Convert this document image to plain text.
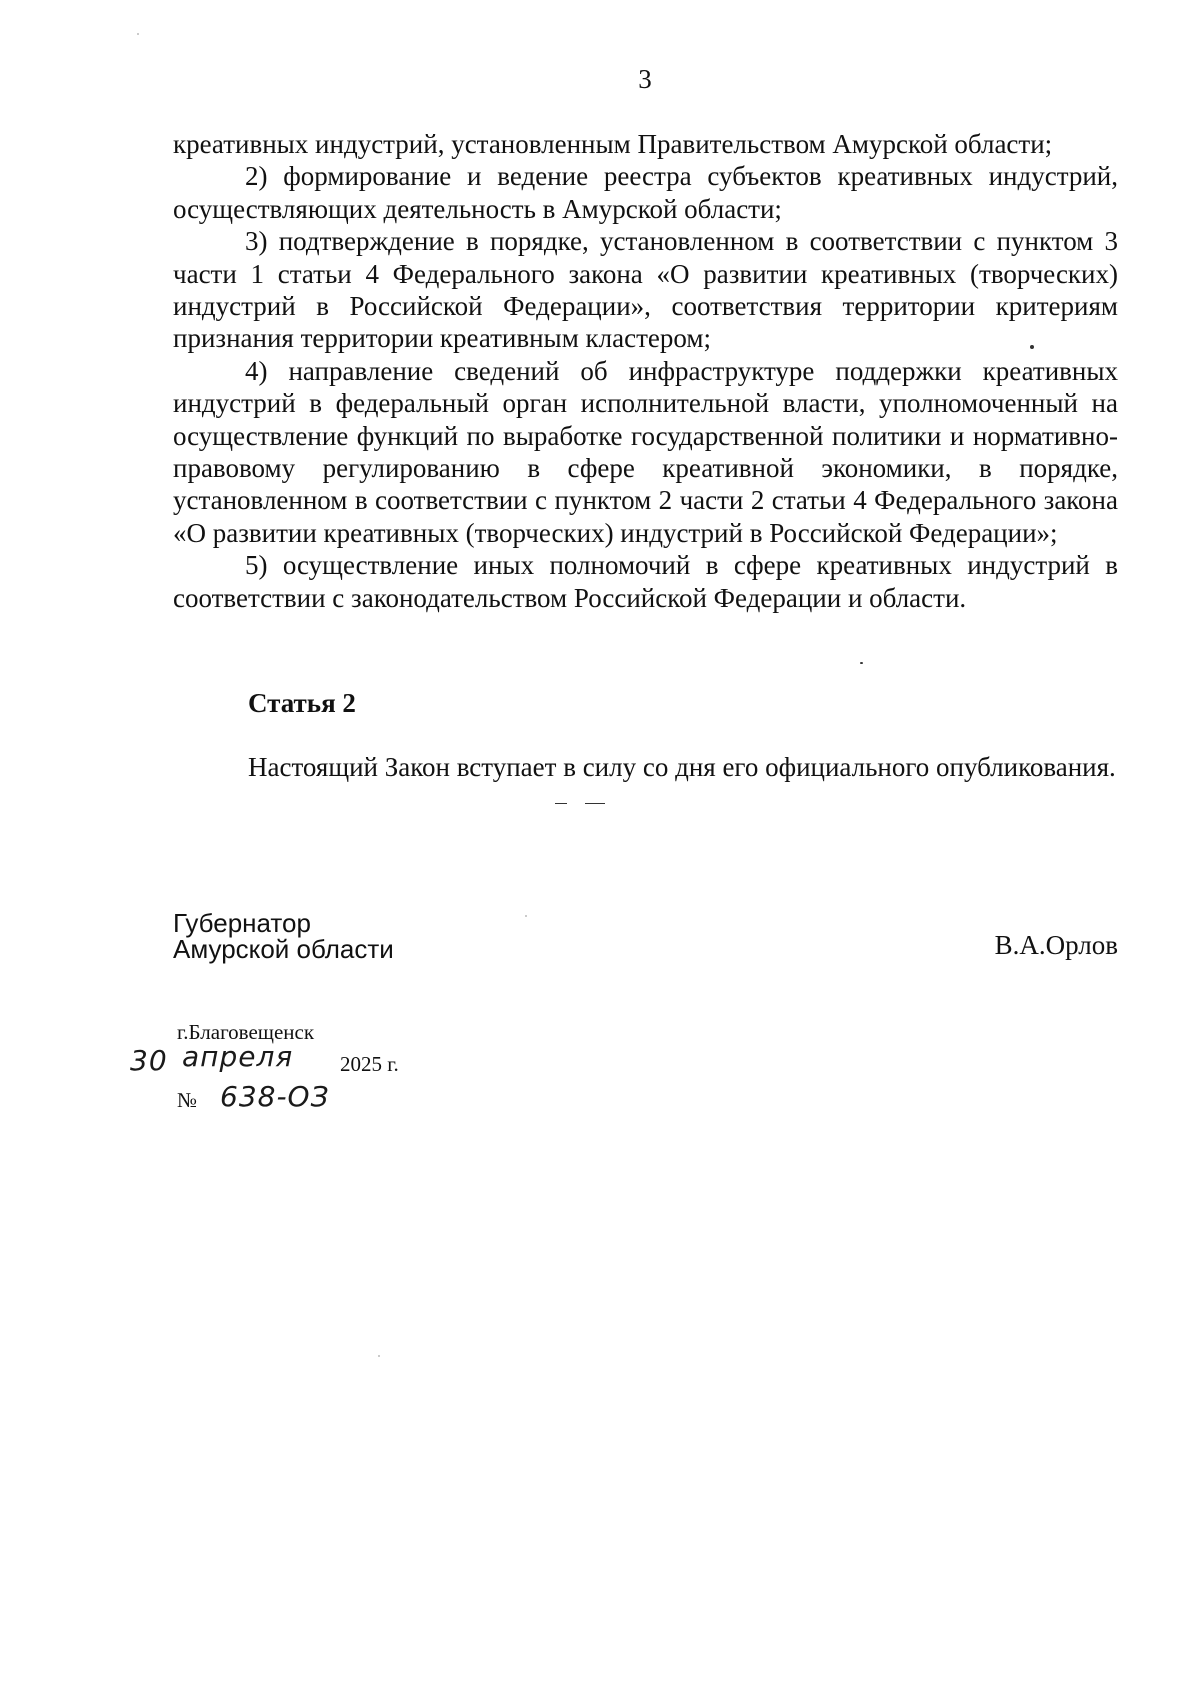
3

креативных индустрий, установленным Правительством Амурской области;

2) формирование и ведение реестра субъектов креативных индустрий, осуществляющих деятельность в Амурской области;

3) подтверждение в порядке, установленном в соответствии с пунктом 3 части 1 статьи 4 Федерального закона «О развитии креативных (творческих) индустрий в Российской Федерации», соответствия территории критериям признания территории креативным кластером;

4) направление сведений об инфраструктуре поддержки креативных индустрий в федеральный орган исполнительной власти, уполномоченный на осуществление функций по выработке государственной политики и нормативно-правовому регулированию в сфере креативной экономики, в порядке, установленном в соответствии с пунктом 2 части 2 статьи 4 Федерального закона «О развитии креативных (творческих) индустрий в Российской Федерации»;

5) осуществление иных полномочий в сфере креативных индустрий в соответствии с законодательством Российской Федерации и области.

Статья 2

Настоящий Закон вступает в силу со дня его официального опубликования.

Губернатор
Амурской области	В.А.Орлов
г.Благовещенск
30 апреля 2025 г.
№ 638-ОЗ
